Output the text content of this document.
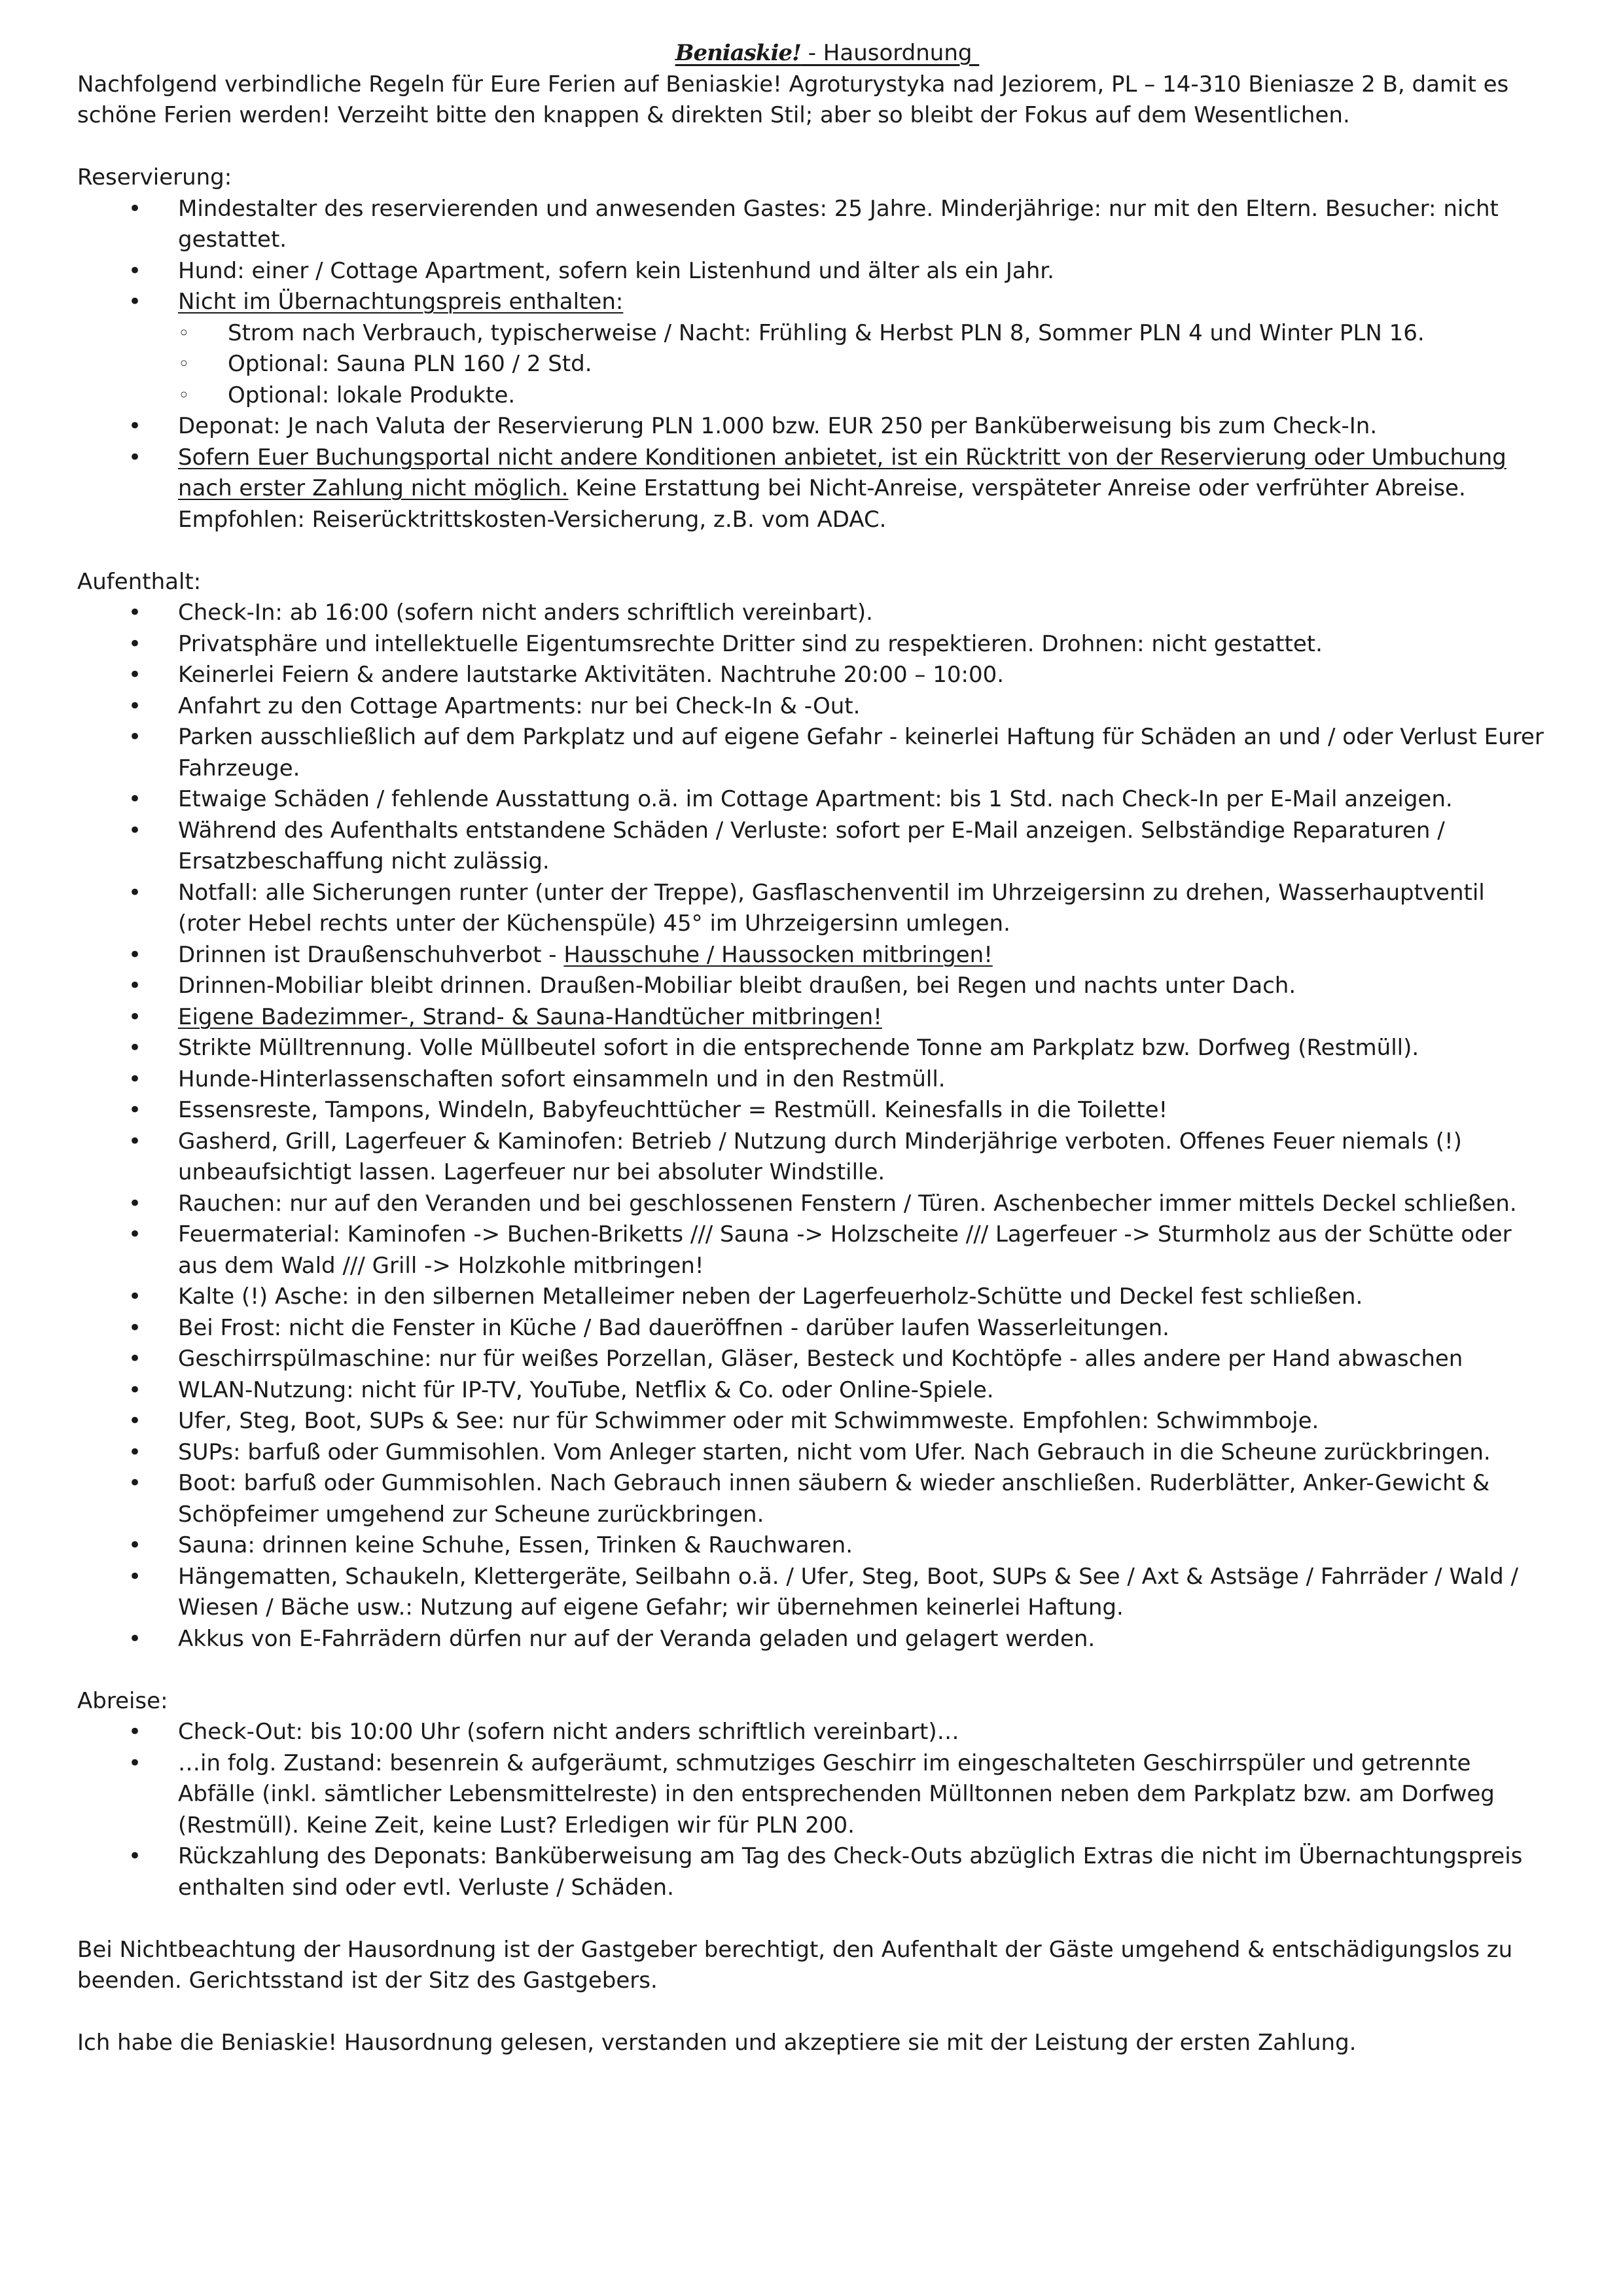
Beniaskie! - Hausordnung

Nachfolgend verbindliche Regeln für Eure Ferien auf Beniaskie! Agroturystyka nad Jeziorem, PL – 14-310 Bieniasze 2 B, damit es schöne Ferien werden! Verzeiht bitte den knappen & direkten Stil; aber so bleibt der Fokus auf dem Wesentlichen.

Reservierung:

• Mindestalter des reservierenden und anwesenden Gastes: 25 Jahre. Minderjährige: nur mit den Eltern. Besucher: nicht gestattet.
• Hund: einer / Cottage Apartment, sofern kein Listenhund und älter als ein Jahr.
• Nicht im Übernachtungspreis enthalten:
◦ Strom nach Verbrauch, typischerweise / Nacht: Frühling & Herbst PLN 8, Sommer PLN 4 und Winter PLN 16.
◦ Optional: Sauna PLN 160 / 2 Std.
◦ Optional: lokale Produkte.
• Deponat: Je nach Valuta der Reservierung PLN 1.000 bzw. EUR 250 per Banküberweisung bis zum Check-In.
• Sofern Euer Buchungsportal nicht andere Konditionen anbietet, ist ein Rücktritt von der Reservierung oder Umbuchung nach erster Zahlung nicht möglich. Keine Erstattung bei Nicht-Anreise, verspäteter Anreise oder verfrühter Abreise. Empfohlen: Reiserücktrittskosten-Versicherung, z.B. vom ADAC.

Aufenthalt:

• Check-In: ab 16:00 (sofern nicht anders schriftlich vereinbart).
• Privatsphäre und intellektuelle Eigentumsrechte Dritter sind zu respektieren. Drohnen: nicht gestattet.
• Keinerlei Feiern & andere lautstarke Aktivitäten. Nachtruhe 20:00 – 10:00.
• Anfahrt zu den Cottage Apartments: nur bei Check-In & -Out.
• Parken ausschließlich auf dem Parkplatz und auf eigene Gefahr - keinerlei Haftung für Schäden an und / oder Verlust Eurer Fahrzeuge.
• Etwaige Schäden / fehlende Ausstattung o.ä. im Cottage Apartment: bis 1 Std. nach Check-In per E-Mail anzeigen.
• Während des Aufenthalts entstandene Schäden / Verluste: sofort per E-Mail anzeigen. Selbständige Reparaturen / Ersatzbeschaffung nicht zulässig.
• Notfall: alle Sicherungen runter (unter der Treppe), Gasflaschenventil im Uhrzeigersinn zu drehen, Wasserhauptventil (roter Hebel rechts unter der Küchenspüle) 45° im Uhrzeigersinn umlegen.
• Drinnen ist Draußenschuhverbot - Hausschuhe / Haussocken mitbringen!
• Drinnen-Mobiliar bleibt drinnen. Draußen-Mobiliar bleibt draußen, bei Regen und nachts unter Dach.
• Eigene Badezimmer-, Strand- & Sauna-Handtücher mitbringen!
• Strikte Mülltrennung. Volle Müllbeutel sofort in die entsprechende Tonne am Parkplatz bzw. Dorfweg (Restmüll).
• Hunde-Hinterlassenschaften sofort einsammeln und in den Restmüll.
• Essensreste, Tampons, Windeln, Babyfeuchttücher = Restmüll. Keinesfalls in die Toilette!
• Gasherd, Grill, Lagerfeuer & Kaminofen: Betrieb / Nutzung durch Minderjährige verboten. Offenes Feuer niemals (!) unbeaufsichtigt lassen. Lagerfeuer nur bei absoluter Windstille.
• Rauchen: nur auf den Veranden und bei geschlossenen Fenstern / Türen. Aschenbecher immer mittels Deckel schließen.
• Feuermaterial: Kaminofen -> Buchen-Briketts /// Sauna -> Holzscheite /// Lagerfeuer -> Sturmholz aus der Schütte oder aus dem Wald /// Grill -> Holzkohle mitbringen!
• Kalte (!) Asche: in den silbernen Metalleimer neben der Lagerfeuerholz-Schütte und Deckel fest schließen.
• Bei Frost: nicht die Fenster in Küche / Bad daueröffnen - darüber laufen Wasserleitungen.
• Geschirrspülmaschine: nur für weißes Porzellan, Gläser, Besteck und Kochtöpfe - alles andere per Hand abwaschen
• WLAN-Nutzung: nicht für IP-TV, YouTube, Netflix & Co. oder Online-Spiele.
• Ufer, Steg, Boot, SUPs & See: nur für Schwimmer oder mit Schwimmweste. Empfohlen: Schwimmboje.
• SUPs: barfuß oder Gummisohlen. Vom Anleger starten, nicht vom Ufer. Nach Gebrauch in die Scheune zurückbringen.
• Boot: barfuß oder Gummisohlen. Nach Gebrauch innen säubern & wieder anschließen. Ruderblätter, Anker-Gewicht & Schöpfeimer umgehend zur Scheune zurückbringen.
• Sauna: drinnen keine Schuhe, Essen, Trinken & Rauchwaren.
• Hängematten, Schaukeln, Klettergeräte, Seilbahn o.ä. / Ufer, Steg, Boot, SUPs & See / Axt & Astsäge / Fahrräder / Wald / Wiesen / Bäche usw.: Nutzung auf eigene Gefahr; wir übernehmen keinerlei Haftung.
• Akkus von E-Fahrrädern dürfen nur auf der Veranda geladen und gelagert werden.

Abreise:

• Check-Out: bis 10:00 Uhr (sofern nicht anders schriftlich vereinbart)…
• …in folg. Zustand: besenrein & aufgeräumt, schmutziges Geschirr im eingeschalteten Geschirrspüler und getrennte Abfälle (inkl. sämtlicher Lebensmittelreste) in den entsprechenden Mülltonnen neben dem Parkplatz bzw. am Dorfweg (Restmüll). Keine Zeit, keine Lust? Erledigen wir für PLN 200.
• Rückzahlung des Deponats: Banküberweisung am Tag des Check-Outs abzüglich Extras die nicht im Übernachtungspreis enthalten sind oder evtl. Verluste / Schäden.

Bei Nichtbeachtung der Hausordnung ist der Gastgeber berechtigt, den Aufenthalt der Gäste umgehend & entschädigungslos zu beenden. Gerichtsstand ist der Sitz des Gastgebers.

Ich habe die Beniaskie! Hausordnung gelesen, verstanden und akzeptiere sie mit der Leistung der ersten Zahlung.
